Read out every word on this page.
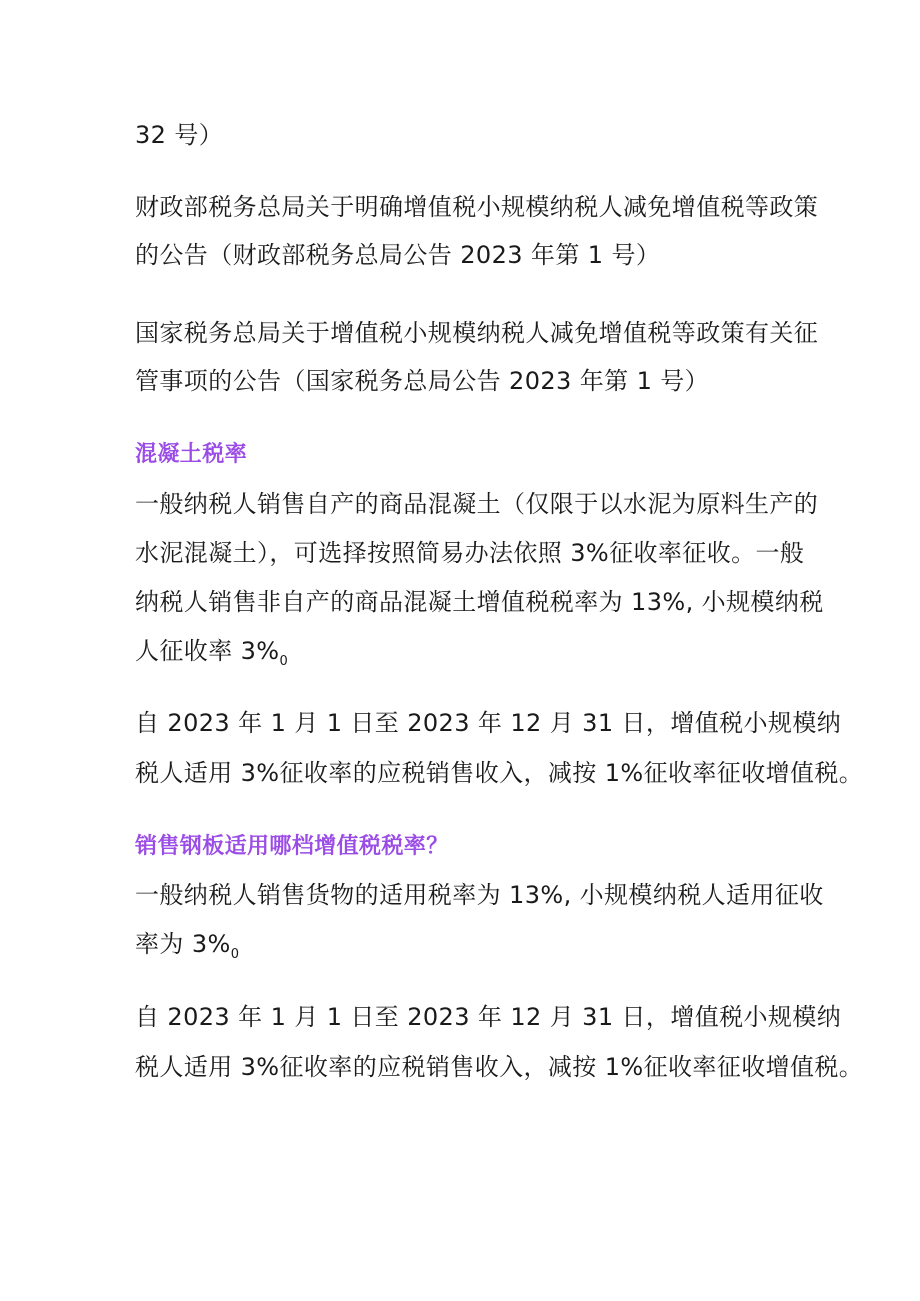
32 号）
财政部税务总局关于明确增值税小规模纳税人减免增值税等政策
的公告（财政部税务总局公告 2023 年第 1 号）
国家税务总局关于增值税小规模纳税人减免增值税等政策有关征
管事项的公告（国家税务总局公告 2023 年第 1 号）
混凝土税率
一般纳税人销售自产的商品混凝土（仅限于以水泥为原料生产的
水泥混凝土），可选择按照简易办法依照 3%征收率征收。一般
纳税人销售非自产的商品混凝土增值税税率为 13%, 小规模纳税
人征收率 $3\%_0$
自 2023 年 1 月 1 日至 2023 年 12 月 31 日，增值税小规模纳
税人适用 3%征收率的应税销售收入，减按 1%征收率征收增值税。
销售钢板适用哪档增值税税率？
一般纳税人销售货物的适用税率为 13%, 小规模纳税人适用征收
率为 $3\%_0$
自 2023 年 1 月 1 日至 2023 年 12 月 31 日，增值税小规模纳
税人适用 3%征收率的应税销售收入，减按 1%征收率征收增值税。
